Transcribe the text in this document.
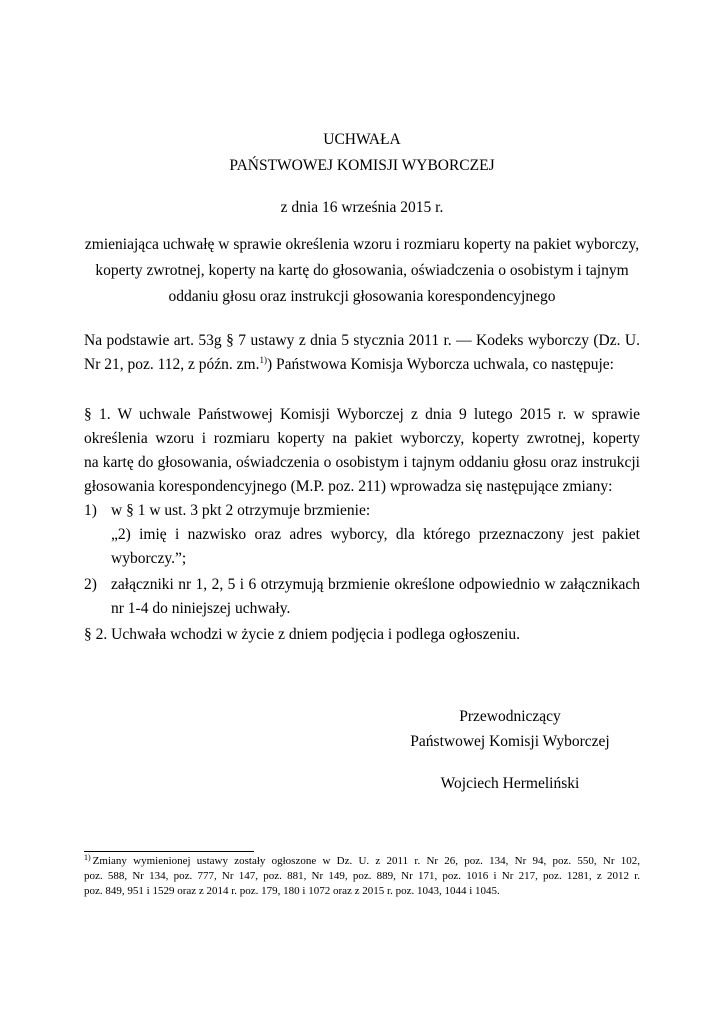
UCHWAŁA
PAŃSTWOWEJ KOMISJI WYBORCZEJ
z dnia 16 września 2015 r.
zmieniająca uchwałę w sprawie określenia wzoru i rozmiaru koperty na pakiet wyborczy,
koperty zwrotnej, koperty na kartę do głosowania, oświadczenia o osobistym i tajnym
oddaniu głosu oraz instrukcji głosowania korespondencyjnego
Na podstawie art. 53g § 7 ustawy z dnia 5 stycznia 2011 r. — Kodeks wyborczy (Dz. U.
Nr 21, poz. 112, z późn. zm.$^{1)}$) Państwowa Komisja Wyborcza uchwala, co następuje:
§ 1. W uchwale Państwowej Komisji Wyborczej z dnia 9 lutego 2015 r. w sprawie
określenia wzoru i rozmiaru koperty na pakiet wyborczy, koperty zwrotnej, koperty
na kartę do głosowania, oświadczenia o osobistym i tajnym oddaniu głosu oraz instrukcji
głosowania korespondencyjnego (M.P. poz. 211) wprowadza się następujące zmiany:
1) w § 1 w ust. 3 pkt 2 otrzymuje brzmienie:
„2) imię i nazwisko oraz adres wyborcy, dla którego przeznaczony jest pakiet
wyborczy.”;
2) załączniki nr 1, 2, 5 i 6 otrzymują brzmienie określone odpowiednio w załącznikach
nr 1-4 do niniejszej uchwały.
§ 2. Uchwała wchodzi w życie z dniem podjęcia i podlega ogłoszeniu.
Przewodniczący
Państwowej Komisji Wyborczej
Wojciech Hermeliński
$^{1)}$ Zmiany wymienionej ustawy zostały ogłoszone w Dz. U. z 2011 r. Nr 26, poz. 134, Nr 94, poz. 550, Nr 102,
poz. 588, Nr 134, poz. 777, Nr 147, poz. 881, Nr 149, poz. 889, Nr 171, poz. 1016 i Nr 217, poz. 1281, z 2012 r.
poz. 849, 951 i 1529 oraz z 2014 r. poz. 179, 180 i 1072 oraz z 2015 r. poz. 1043, 1044 i 1045.
